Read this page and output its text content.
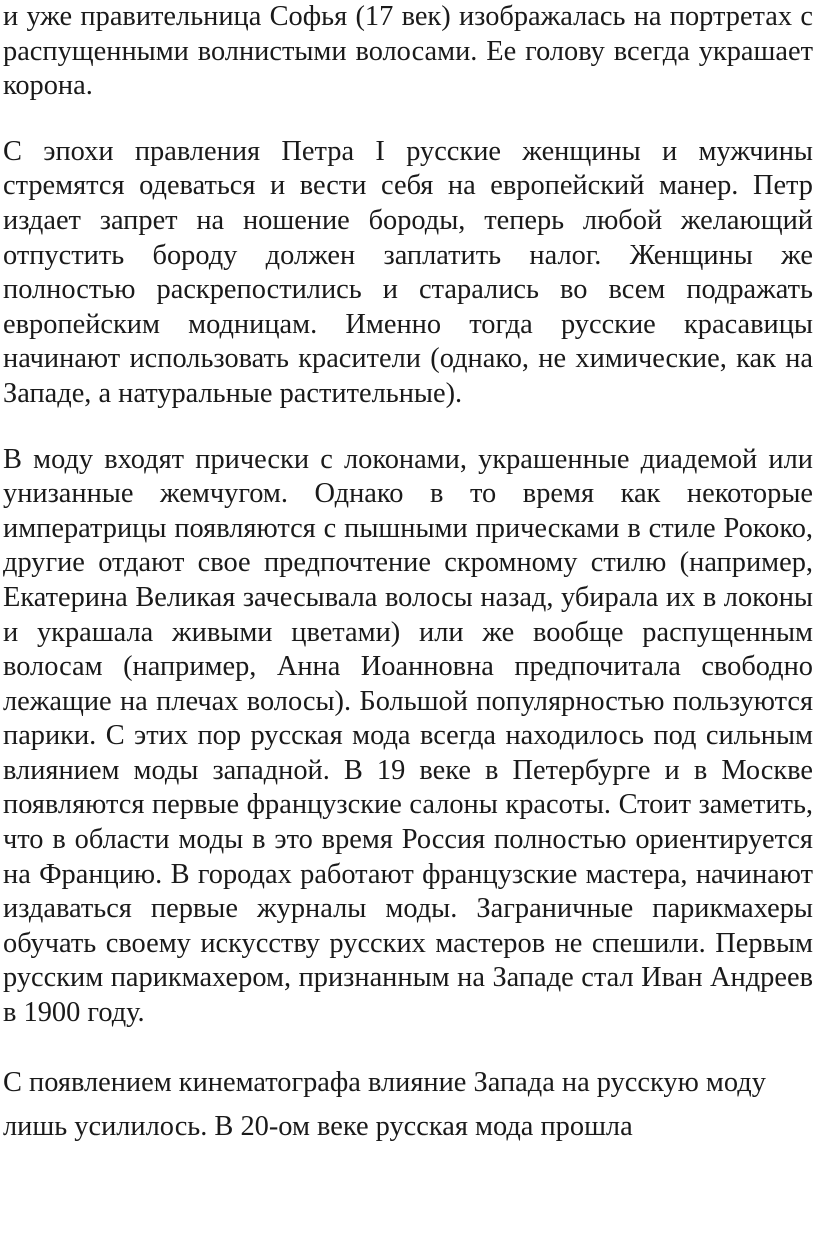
и уже правительница Софья (17 век) изображалась на портретах с распущенными волнистыми волосами. Ее голову всегда украшает корона.

С эпохи правления Петра I русские женщины и мужчины стремятся одеваться и вести себя на европейский манер. Петр издает запрет на ношение бороды, теперь любой желающий отпустить бороду должен заплатить налог. Женщины же полностью раскрепостились и старались во всем подражать европейским модницам. Именно тогда русские красавицы начинают использовать красители (однако, не химические, как на Западе, а натуральные растительные).

В моду входят прически с локонами, украшенные диадемой или унизанные жемчугом. Однако в то время как некоторые императрицы появляются с пышными прическами в стиле Рококо, другие отдают свое предпочтение скромному стилю (например, Екатерина Великая зачесывала волосы назад, убирала их в локоны и украшала живыми цветами) или же вообще распущенным волосам (например, Анна Иоанновна предпочитала свободно лежащие на плечах волосы). Большой популярностью пользуются парики. С этих пор русская мода всегда находилось под сильным влиянием моды западной. В 19 веке в Петербурге и в Москве появляются первые французские салоны красоты. Стоит заметить, что в области моды в это время Россия полностью ориентируется на Францию. В городах работают французские мастера, начинают издаваться первые журналы моды. Заграничные парикмахеры обучать своему искусству русских мастеров не спешили. Первым русским парикмахером, признанным на Западе стал Иван Андреев в 1900 году.

С появлением кинематографа влияние Запада на русскую моду лишь усилилось. В 20-ом веке русская мода прошла
